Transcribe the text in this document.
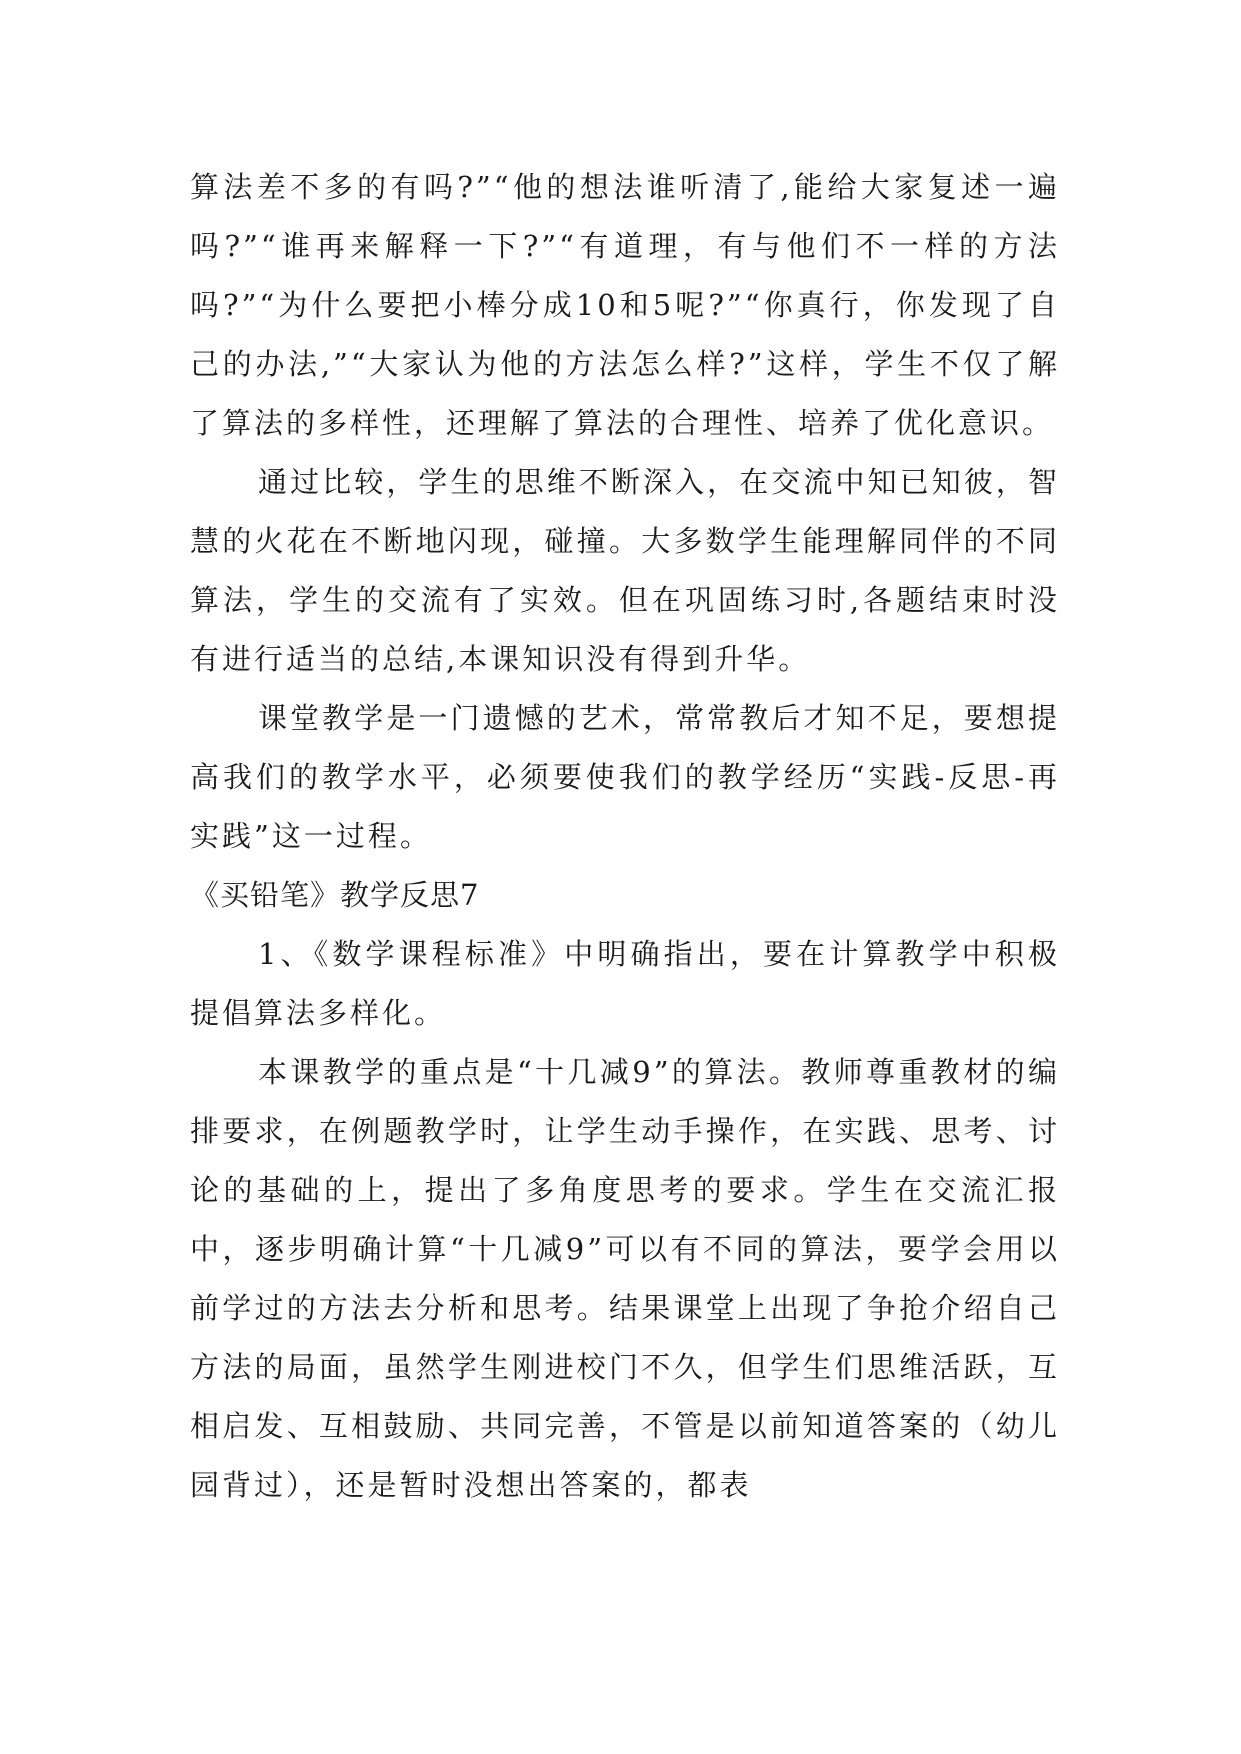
算法差不多的有吗?”“他的想法谁听清了,能给大家复述一遍吗?”“谁再来解释一下?”“有道理，有与他们不一样的方法吗?”“为什么要把小棒分成10和5呢?”“你真行，你发现了自己的办法,”“大家认为他的方法怎么样?”这样，学生不仅了解了算法的多样性，还理解了算法的合理性、培养了优化意识。

通过比较，学生的思维不断深入，在交流中知已知彼，智慧的火花在不断地闪现，碰撞。大多数学生能理解同伴的不同算法，学生的交流有了实效。但在巩固练习时,各题结束时没有进行适当的总结,本课知识没有得到升华。

课堂教学是一门遗憾的艺术，常常教后才知不足，要想提高我们的教学水平，必须要使我们的教学经历“实践-反思-再实践”这一过程。

《买铅笔》教学反思7

1、《数学课程标准》中明确指出，要在计算教学中积极提倡算法多样化。

本课教学的重点是“十几减9”的算法。教师尊重教材的编排要求，在例题教学时，让学生动手操作，在实践、思考、讨论的基础的上，提出了多角度思考的要求。学生在交流汇报中，逐步明确计算“十几减9”可以有不同的算法，要学会用以前学过的方法去分析和思考。结果课堂上出现了争抢介绍自己方法的局面，虽然学生刚进校门不久，但学生们思维活跃，互相启发、互相鼓励、共同完善，不管是以前知道答案的（幼儿园背过），还是暂时没想出答案的，都表
